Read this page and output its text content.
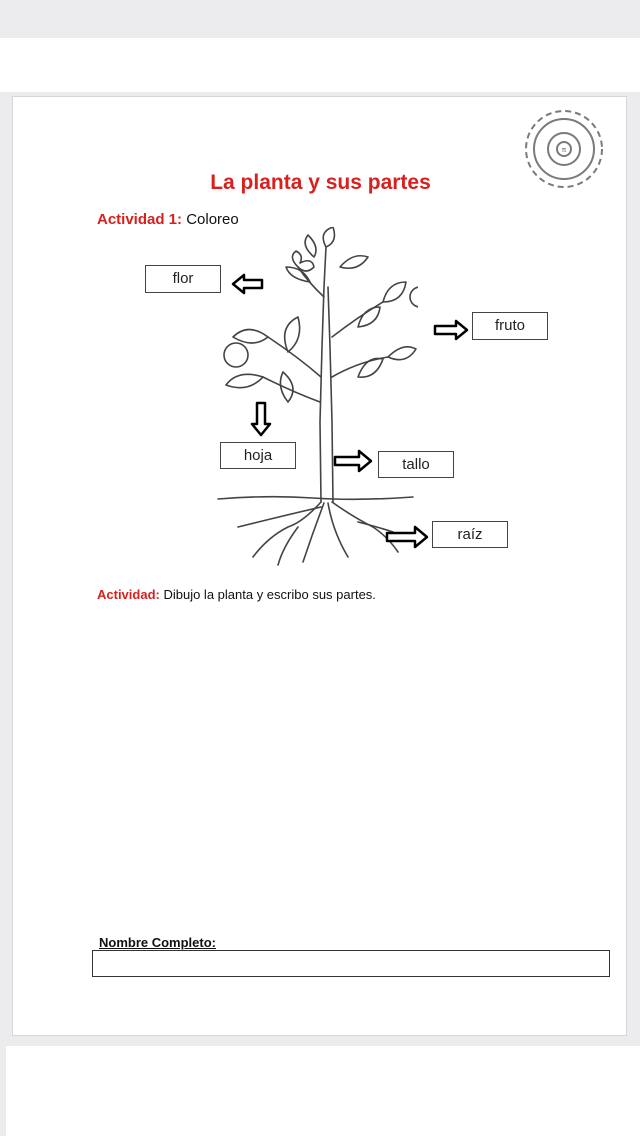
π
La planta y sus partes
Actividad 1: Coloreo
flor
fruto
hoja
tallo
raíz
Actividad: Dibujo la planta y escribo sus partes.
Nombre Completo:
